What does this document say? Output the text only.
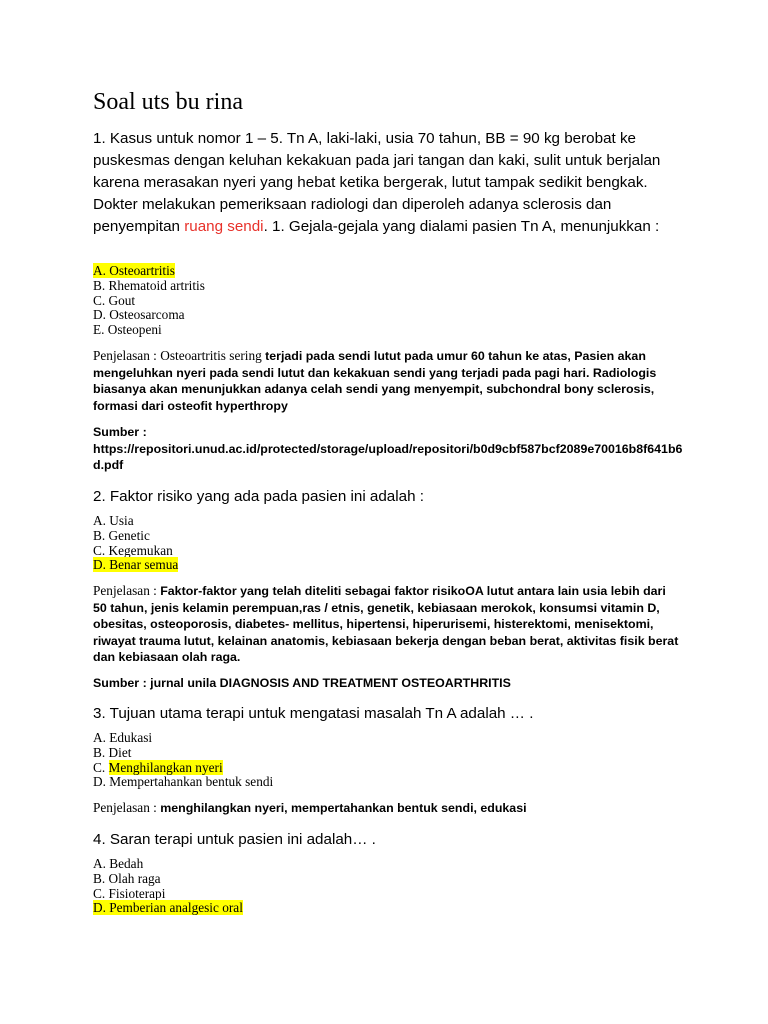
Soal uts bu rina
1. Kasus untuk nomor 1 – 5. Tn A, laki-laki, usia 70 tahun, BB = 90 kg berobat ke puskesmas dengan keluhan kekakuan pada jari tangan dan kaki, sulit untuk berjalan karena merasakan nyeri yang hebat ketika bergerak, lutut tampak sedikit bengkak. Dokter melakukan pemeriksaan radiologi dan diperoleh adanya sclerosis dan penyempitan ruang sendi. 1. Gejala-gejala yang dialami pasien Tn A, menunjukkan :
A. Osteoartritis
B. Rhematoid artritis
C. Gout
D. Osteosarcoma
E. Osteopeni
Penjelasan : Osteoartritis sering terjadi pada sendi lutut pada umur 60 tahun ke atas, Pasien akan mengeluhkan nyeri pada sendi lutut dan kekakuan sendi yang terjadi pada pagi hari. Radiologis biasanya akan menunjukkan adanya celah sendi yang menyempit, subchondral bony sclerosis, formasi dari osteofit hyperthropy
Sumber :
https://repositori.unud.ac.id/protected/storage/upload/repositori/b0d9cbf587bcf2089e70016b8f641b6d.pdf
2. Faktor risiko yang ada pada pasien ini adalah :
A. Usia
B. Genetic
C. Kegemukan
D. Benar semua
Penjelasan : Faktor-faktor yang telah diteliti sebagai faktor risikoOA lutut antara lain usia lebih dari 50 tahun, jenis kelamin perempuan,ras / etnis, genetik, kebiasaan merokok, konsumsi vitamin D, obesitas, osteoporosis, diabetes- mellitus, hipertensi, hiperurisemi, histerektomi, menisektomi, riwayat trauma lutut, kelainan anatomis, kebiasaan bekerja dengan beban berat, aktivitas fisik berat dan kebiasaan olah raga.
Sumber : jurnal unila DIAGNOSIS AND TREATMENT OSTEOARTHRITIS
3. Tujuan utama terapi untuk mengatasi masalah Tn A adalah … .
A. Edukasi
B. Diet
C. Menghilangkan nyeri
D. Mempertahankan bentuk sendi
Penjelasan : menghilangkan nyeri, mempertahankan bentuk sendi, edukasi
4. Saran terapi untuk pasien ini adalah… .
A. Bedah
B. Olah raga
C. Fisioterapi
D. Pemberian analgesic oral
